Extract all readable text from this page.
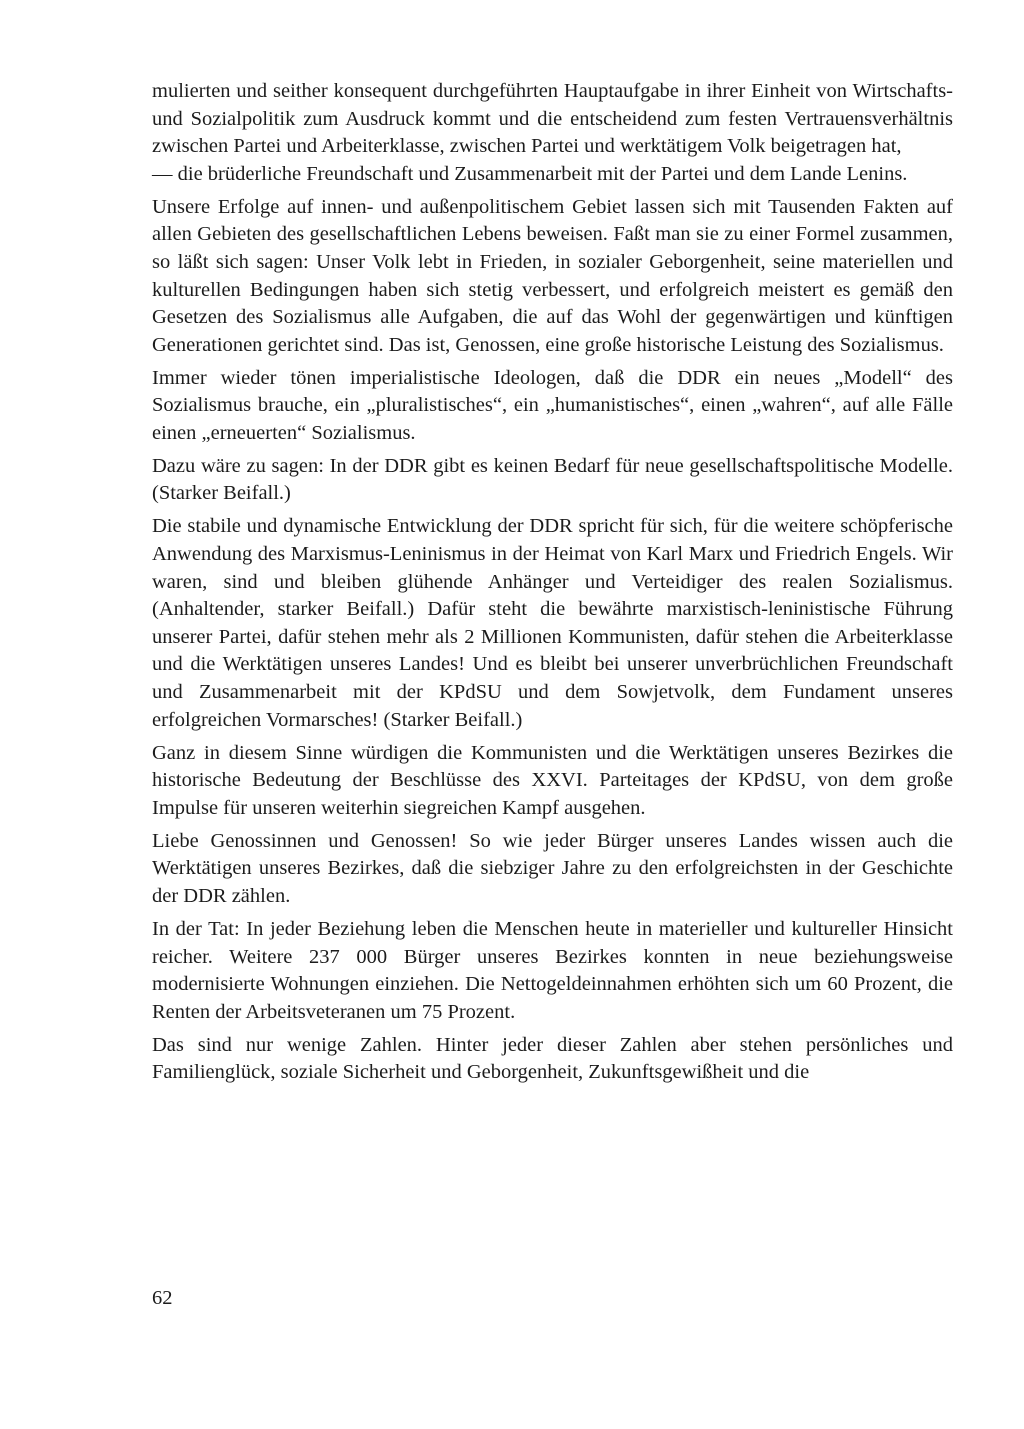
mulierten und seither konsequent durchgeführten Hauptaufgabe in ihrer Einheit von Wirtschafts- und Sozialpolitik zum Ausdruck kommt und die entscheidend zum festen Vertrauensverhältnis zwischen Partei und Arbeiterklasse, zwischen Partei und werktätigem Volk beigetragen hat,

— die brüderliche Freundschaft und Zusammenarbeit mit der Partei und dem Lande Lenins.

Unsere Erfolge auf innen- und außenpolitischem Gebiet lassen sich mit Tausenden Fakten auf allen Gebieten des gesellschaftlichen Lebens beweisen. Faßt man sie zu einer Formel zusammen, so läßt sich sagen: Unser Volk lebt in Frieden, in sozialer Geborgenheit, seine materiellen und kulturellen Bedingungen haben sich stetig verbessert, und erfolgreich meistert es gemäß den Gesetzen des Sozialismus alle Aufgaben, die auf das Wohl der gegenwärtigen und künftigen Generationen gerichtet sind. Das ist, Genossen, eine große historische Leistung des Sozialismus.

Immer wieder tönen imperialistische Ideologen, daß die DDR ein neues „Modell“ des Sozialismus brauche, ein „pluralistisches“, ein „humanistisches“, einen „wahren“, auf alle Fälle einen „erneuerten“ Sozialismus.

Dazu wäre zu sagen: In der DDR gibt es keinen Bedarf für neue gesellschaftspolitische Modelle. (Starker Beifall.)

Die stabile und dynamische Entwicklung der DDR spricht für sich, für die weitere schöpferische Anwendung des Marxismus-Leninismus in der Heimat von Karl Marx und Friedrich Engels. Wir waren, sind und bleiben glühende Anhänger und Verteidiger des realen Sozialismus. (Anhaltender, starker Beifall.) Dafür steht die bewährte marxistisch-leninistische Führung unserer Partei, dafür stehen mehr als 2 Millionen Kommunisten, dafür stehen die Arbeiterklasse und die Werktätigen unseres Landes! Und es bleibt bei unserer unverbrüchlichen Freundschaft und Zusammenarbeit mit der KPdSU und dem Sowjetvolk, dem Fundament unseres erfolgreichen Vormarsches! (Starker Beifall.)

Ganz in diesem Sinne würdigen die Kommunisten und die Werktätigen unseres Bezirkes die historische Bedeutung der Beschlüsse des XXVI. Parteitages der KPdSU, von dem große Impulse für unseren weiterhin siegreichen Kampf ausgehen.

Liebe Genossinnen und Genossen! So wie jeder Bürger unseres Landes wissen auch die Werktätigen unseres Bezirkes, daß die siebziger Jahre zu den erfolgreichsten in der Geschichte der DDR zählen.

In der Tat: In jeder Beziehung leben die Menschen heute in materieller und kultureller Hinsicht reicher. Weitere 237 000 Bürger unseres Bezirkes konnten in neue beziehungsweise modernisierte Wohnungen einziehen. Die Nettogeldeinnahmen erhöhten sich um 60 Prozent, die Renten der Arbeitsveteranen um 75 Prozent.

Das sind nur wenige Zahlen. Hinter jeder dieser Zahlen aber stehen persönliches und Familienglück, soziale Sicherheit und Geborgenheit, Zukunftsgewißheit und die

62
